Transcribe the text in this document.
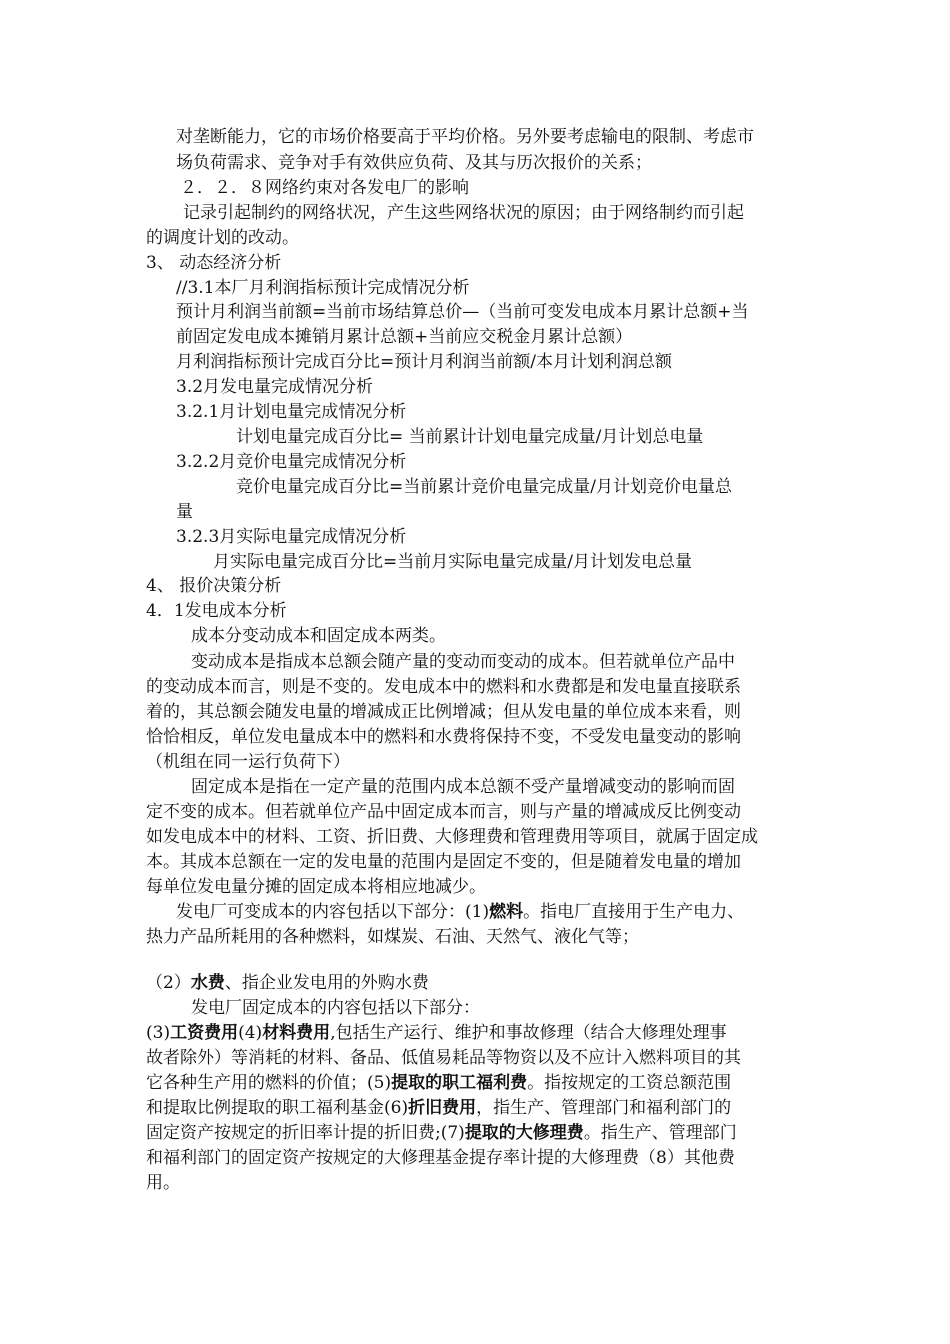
对垄断能力，它的市场价格要高于平均价格。另外要考虑输电的限制、考虑市
场负荷需求、竞争对手有效供应负荷、及其与历次报价的关系；
２．２．８网络约束对各发电厂的影响
记录引起制约的网络状况，产生这些网络状况的原因；由于网络制约而引起
的调度计划的改动。
3、 动态经济分析
//3.1本厂月利润指标预计完成情况分析
预计月利润当前额=当前市场结算总价—（当前可变发电成本月累计总额+当
前固定发电成本摊销月累计总额+当前应交税金月累计总额）
月利润指标预计完成百分比=预计月利润当前额/本月计划利润总额
3.2月发电量完成情况分析
3.2.1月计划电量完成情况分析
计划电量完成百分比= 当前累计计划电量完成量/月计划总电量
3.2.2月竞价电量完成情况分析
竞价电量完成百分比=当前累计竞价电量完成量/月计划竞价电量总
量
3.2.3月实际电量完成情况分析
月实际电量完成百分比=当前月实际电量完成量/月计划发电总量
4、 报价决策分析
4．1发电成本分析
成本分变动成本和固定成本两类。
变动成本是指成本总额会随产量的变动而变动的成本。但若就单位产品中
的变动成本而言，则是不变的。发电成本中的燃料和水费都是和发电量直接联系
着的，其总额会随发电量的增减成正比例增减；但从发电量的单位成本来看，则
恰恰相反，单位发电量成本中的燃料和水费将保持不变，不受发电量变动的影响
（机组在同一运行负荷下）
固定成本是指在一定产量的范围内成本总额不受产量增减变动的影响而固
定不变的成本。但若就单位产品中固定成本而言，则与产量的增减成反比例变动
如发电成本中的材料、工资、折旧费、大修理费和管理费用等项目，就属于固定成
本。其成本总额在一定的发电量的范围内是固定不变的，但是随着发电量的增加
每单位发电量分摊的固定成本将相应地减少。
发电厂可变成本的内容包括以下部分：(1)燃料。指电厂直接用于生产电力、
热力产品所耗用的各种燃料，如煤炭、石油、天然气、液化气等；
（2）水费、指企业发电用的外购水费
发电厂固定成本的内容包括以下部分：
(3)工资费用(4)材料费用,包括生产运行、维护和事故修理（结合大修理处理事
故者除外）等消耗的材料、备品、低值易耗品等物资以及不应计入燃料项目的其
它各种生产用的燃料的价值；(5)提取的职工福利费。指按规定的工资总额范围
和提取比例提取的职工福利基金(6)折旧费用，指生产、管理部门和福利部门的
固定资产按规定的折旧率计提的折旧费;(7)提取的大修理费。指生产、管理部门
和福利部门的固定资产按规定的大修理基金提存率计提的大修理费（8）其他费
用。
